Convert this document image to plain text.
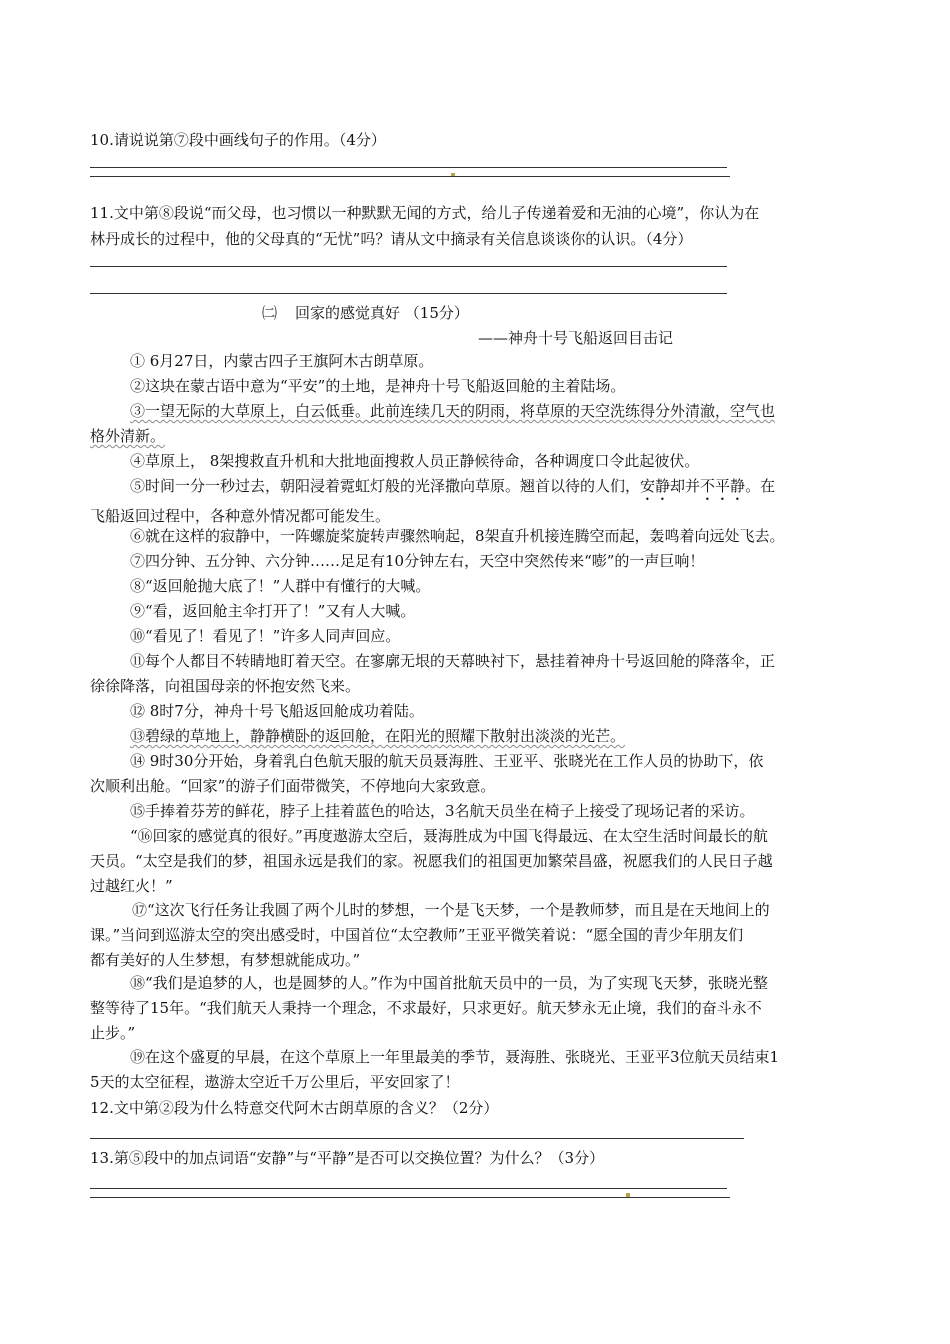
10.请说说第⑦段中画线句子的作用。（4分）
11.文中第⑧段说“而父母，也习惯以一种默默无闻的方式，给儿子传递着爱和无油的心境”，你认为在
林丹成长的过程中，他的父母真的“无忧”吗？请从文中摘录有关信息谈谈你的认识。（4分）
㈡ 回家的感觉真好 （15分）
——神舟十号飞船返回目击记
① 6月27日，内蒙古四子王旗阿木古朗草原。
②这块在蒙古语中意为“平安”的土地，是神舟十号飞船返回舱的主着陆场。
③一望无际的大草原上，白云低垂。此前连续几天的阴雨，将草原的天空洗练得分外清澈，空气也
格外清新。
④草原上， 8架搜救直升机和大批地面搜救人员正静候待命，各种调度口令此起彼伏。
⑤时间一分一秒过去，朝阳浸着霓虹灯般的光泽撒向草原。翘首以待的人们，安静却并不平静。在
飞船返回过程中，各种意外情况都可能发生。
⑥就在这样的寂静中，一阵螺旋桨旋转声骤然响起，8架直升机接连腾空而起，轰鸣着向远处飞去。
⑦四分钟、五分钟、六分钟……足足有10分钟左右，天空中突然传来“嘭”的一声巨响！
⑧“返回舱抛大底了！”人群中有懂行的大喊。
⑨“看，返回舱主伞打开了！”又有人大喊。
⑩“看见了！看见了！”许多人同声回应。
⑪每个人都目不转睛地盯着天空。在寥廓无垠的天幕映衬下，悬挂着神舟十号返回舱的降落伞，正
徐徐降落，向祖国母亲的怀抱安然飞来。
⑫ 8时7分，神舟十号飞船返回舱成功着陆。
⑬碧绿的草地上，静静横卧的返回舱，在阳光的照耀下散射出淡淡的光芒。
⑭ 9时30分开始，身着乳白色航天服的航天员聂海胜、王亚平、张晓光在工作人员的协助下，依
次顺利出舱。“回家”的游子们面带微笑，不停地向大家致意。
⑮手捧着芬芳的鲜花，脖子上挂着蓝色的哈达，3名航天员坐在椅子上接受了现场记者的采访。
“⑯回家的感觉真的很好。”再度遨游太空后，聂海胜成为中国飞得最远、在太空生活时间最长的航
天员。“太空是我们的梦，祖国永远是我们的家。祝愿我们的祖国更加繁荣昌盛，祝愿我们的人民日子越
过越红火！”
⑰“这次飞行任务让我圆了两个儿时的梦想，一个是飞天梦，一个是教师梦，而且是在天地间上的
课。”当问到巡游太空的突出感受时，中国首位“太空教师”王亚平微笑着说：“愿全国的青少年朋友们
都有美好的人生梦想，有梦想就能成功。”
⑱“我们是追梦的人，也是圆梦的人。”作为中国首批航天员中的一员，为了实现飞天梦，张晓光整
整等待了15年。“我们航天人秉持一个理念，不求最好，只求更好。航天梦永无止境，我们的奋斗永不
止步。”
⑲在这个盛夏的早晨，在这个草原上一年里最美的季节，聂海胜、张晓光、王亚平3位航天员结束1
5天的太空征程，遨游太空近千万公里后，平安回家了！
12.文中第②段为什么特意交代阿木古朗草原的含义？（2分）
13.第⑤段中的加点词语“安静”与“平静”是否可以交换位置？为什么？（3分）
